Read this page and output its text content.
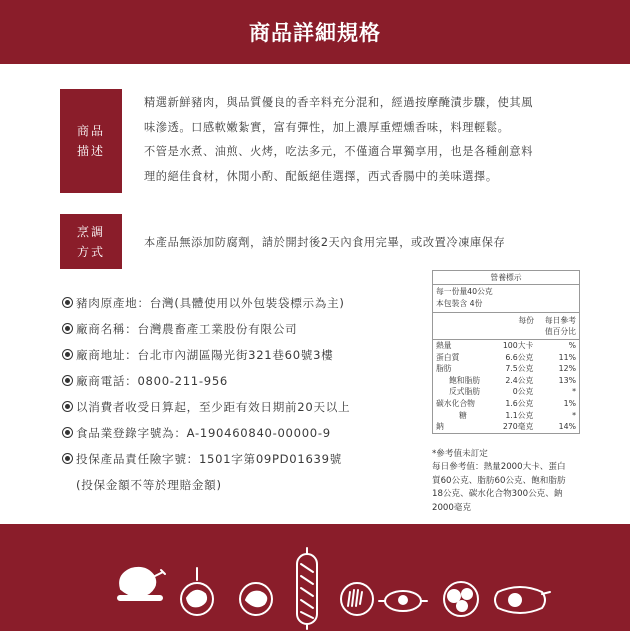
商品詳細規格
商品
描述

精選新鮮豬肉，與品質優良的香辛料充分混和，經過按摩醃漬步驟，使其風

味滲透。口感軟嫩紮實，富有彈性，加上濃厚重煙燻香味，料理輕鬆。

不管是水煮、油煎、火烤，吃法多元，不僅適合單獨享用，也是各種創意料

理的絕佳食材，休閒小酌、配飯絕佳選擇，西式香腸中的美味選擇。

烹調
方式

本產品無添加防腐劑，請於開封後2天內食用完畢，或改置冷凍庫保存

豬肉原產地：台灣(具體使用以外包裝袋標示為主)
廠商名稱：台灣農畜產工業股份有限公司
廠商地址：台北市內湖區陽光街321巷60號3樓
廠商電話：0800-211-956
以消費者收受日算起，至少距有效日期前20天以上
食品業登錄字號為：A-190460840-00000-9
投保產品責任險字號：1501字第09PD01639號
(投保金額不等於理賠金額)
營養標示
每一份量40公克
本包裝含 4份
每份	每日參考
值百分比
熱量	100大卡	%
蛋白質	6.6公克	11%
脂肪	7.5公克	12%
飽和脂肪	2.4公克	13%
反式脂肪	0公克	*
碳水化合物	1.6公克	1%
糖	1.1公克	*
鈉	270毫克	14%

*參考值未訂定

每日參考值：熱量2000大卡、蛋白

質60公克、脂肪60公克、飽和脂肪

18公克、碳水化合物300公克、鈉

2000毫克
